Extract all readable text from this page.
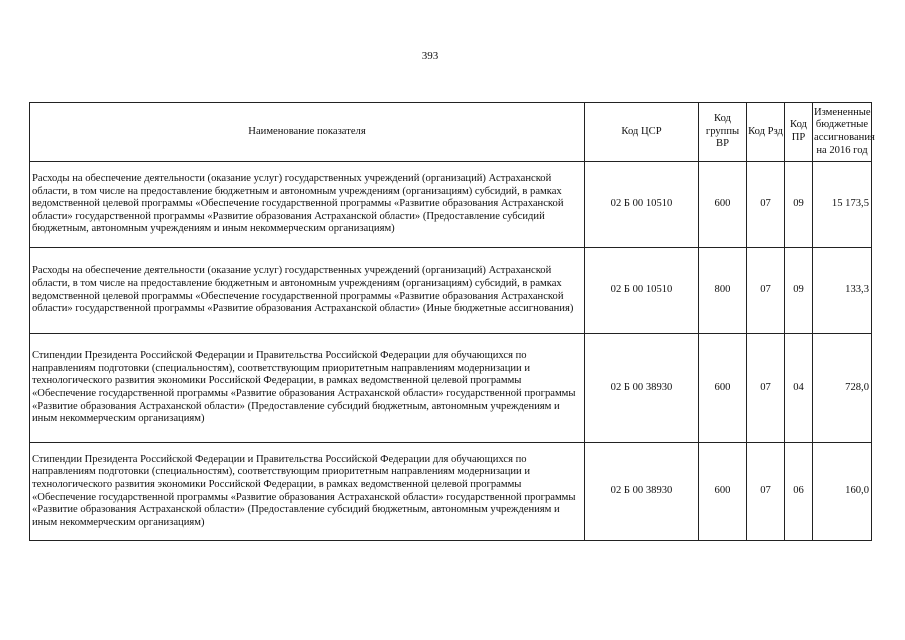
393
Наименование показателя	Код ЦСР	Код группы ВР	Код Рзд	Код ПР	Измененные бюджетные ассигнования на 2016 год
Расходы на обеспечение деятельности (оказание услуг) государственных учреждений (организаций) Астраханской области, в том числе на предоставление бюджетным и автономным учреждениям (организациям) субсидий, в рамках ведомственной целевой программы «Обеспечение государственной программы «Развитие образования Астраханской области» государственной программы «Развитие образования Астраханской области» (Предоставление субсидий бюджетным, автономным учреждениям и иным некоммерческим организациям)	02 Б 00 10510	600	07	09	15 173,5
Расходы на обеспечение деятельности (оказание услуг) государственных учреждений (организаций) Астраханской области, в том числе на предоставление бюджетным и автономным учреждениям (организациям) субсидий, в рамках ведомственной целевой программы «Обеспечение государственной программы «Развитие образования Астраханской области» государственной программы «Развитие образования Астраханской области» (Иные бюджетные ассигнования)	02 Б 00 10510	800	07	09	133,3
Стипендии Президента Российской Федерации и Правительства Российской Федерации для обучающихся по направлениям подготовки (специальностям), соответствующим приоритетным направлениям модернизации и технологического развития экономики Российской Федерации, в рамках ведомственной целевой программы «Обеспечение государственной программы «Развитие образования Астраханской области» государственной программы «Развитие образования Астраханской области» (Предоставление субсидий бюджетным, автономным учреждениям и иным некоммерческим организациям)	02 Б 00 38930	600	07	04	728,0
Стипендии Президента Российской Федерации и Правительства Российской Федерации для обучающихся по направлениям подготовки (специальностям), соответствующим приоритетным направлениям модернизации и технологического развития экономики Российской Федерации, в рамках ведомственной целевой программы «Обеспечение государственной программы «Развитие образования Астраханской области» государственной программы «Развитие образования Астраханской области» (Предоставление субсидий бюджетным, автономным учреждениям и иным некоммерческим организациям)	02 Б 00 38930	600	07	06	160,0
